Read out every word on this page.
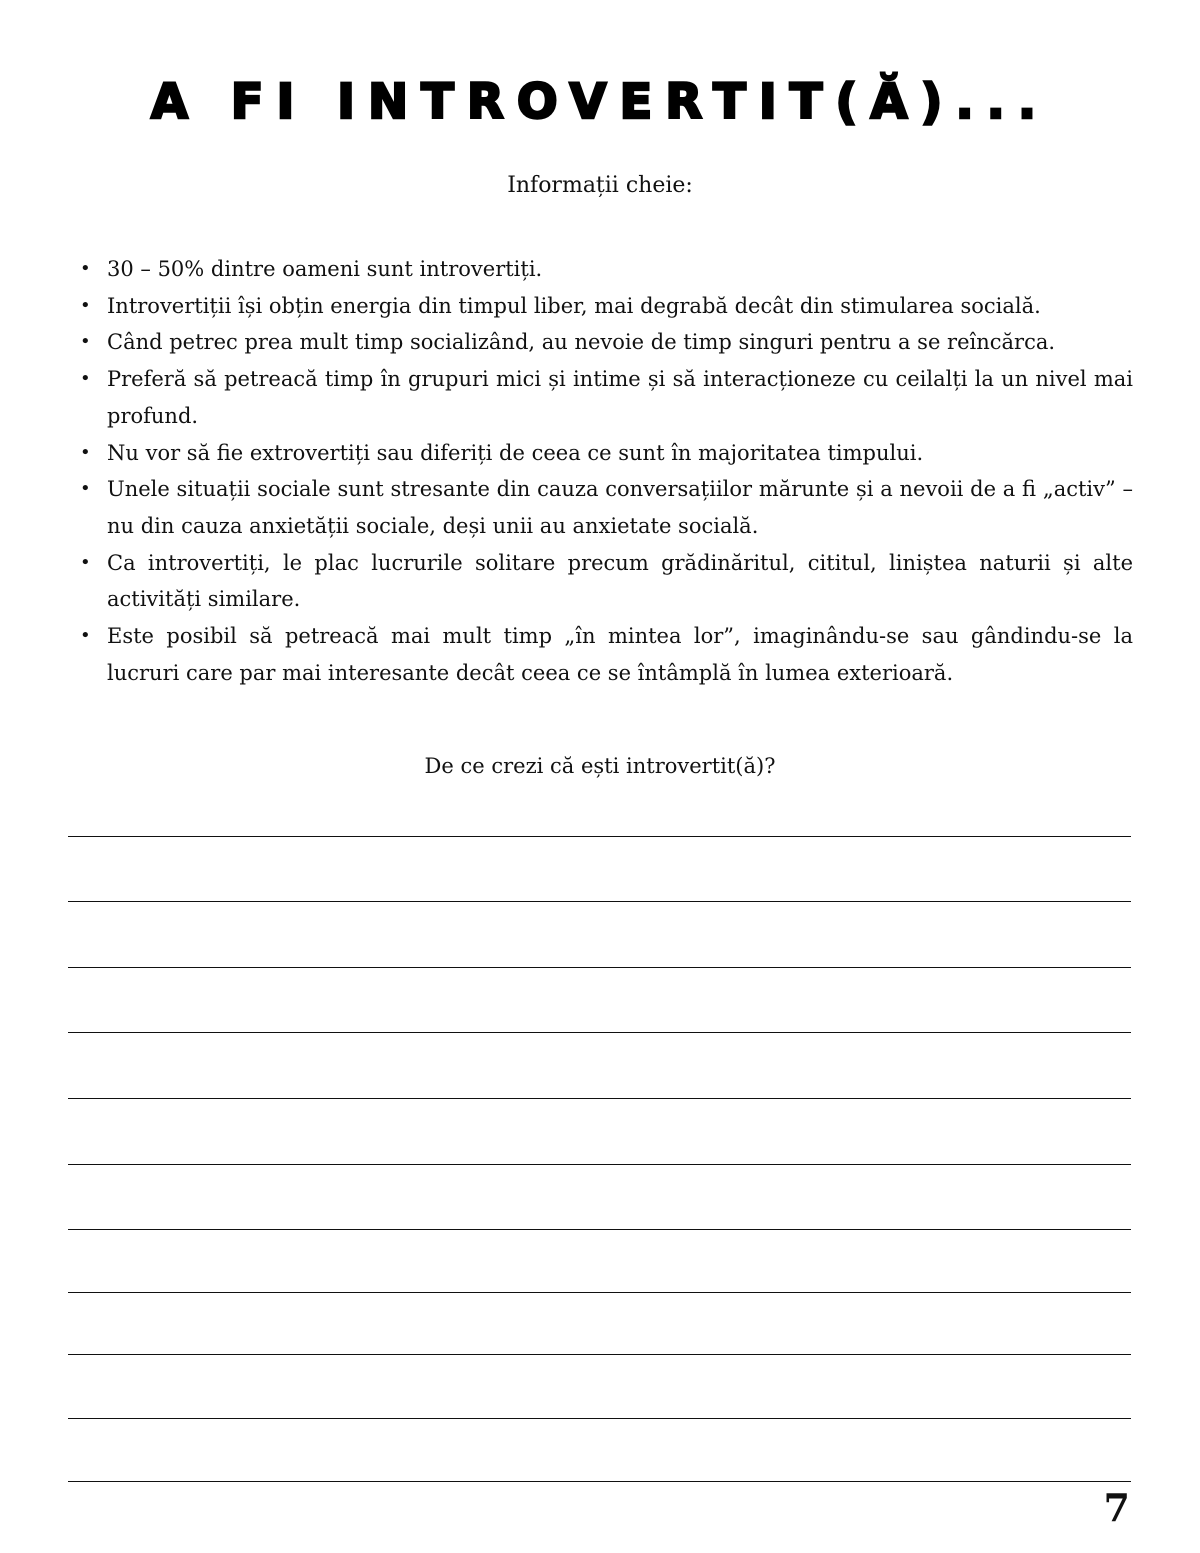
A FI INTROVERTIT(Ă)...
Informații cheie:
• 30 – 50% dintre oameni sunt introvertiți.
• Introvertiții își obțin energia din timpul liber, mai degrabă decât din stimularea socială.
• Când petrec prea mult timp socializând, au nevoie de timp singuri pentru a se reîncărca.
• Preferă să petreacă timp în grupuri mici și intime și să interacționeze cu ceilalți la un nivel mai profund.
• Nu vor să fie extrovertiți sau diferiți de ceea ce sunt în majoritatea timpului.
• Unele situații sociale sunt stresante din cauza conversațiilor mărunte și a nevoii de a fi „activ” – nu din cauza anxietății sociale, deși unii au anxietate socială.
• Ca introvertiți, le plac lucrurile solitare precum grădinăritul, cititul, liniștea naturii și alte activități similare.
• Este posibil să petreacă mai mult timp „în mintea lor”, imaginându-se sau gândindu-se la lucruri care par mai interesante decât ceea ce se întâmplă în lumea exterioară.
De ce crezi că ești introvertit(ă)?
7
